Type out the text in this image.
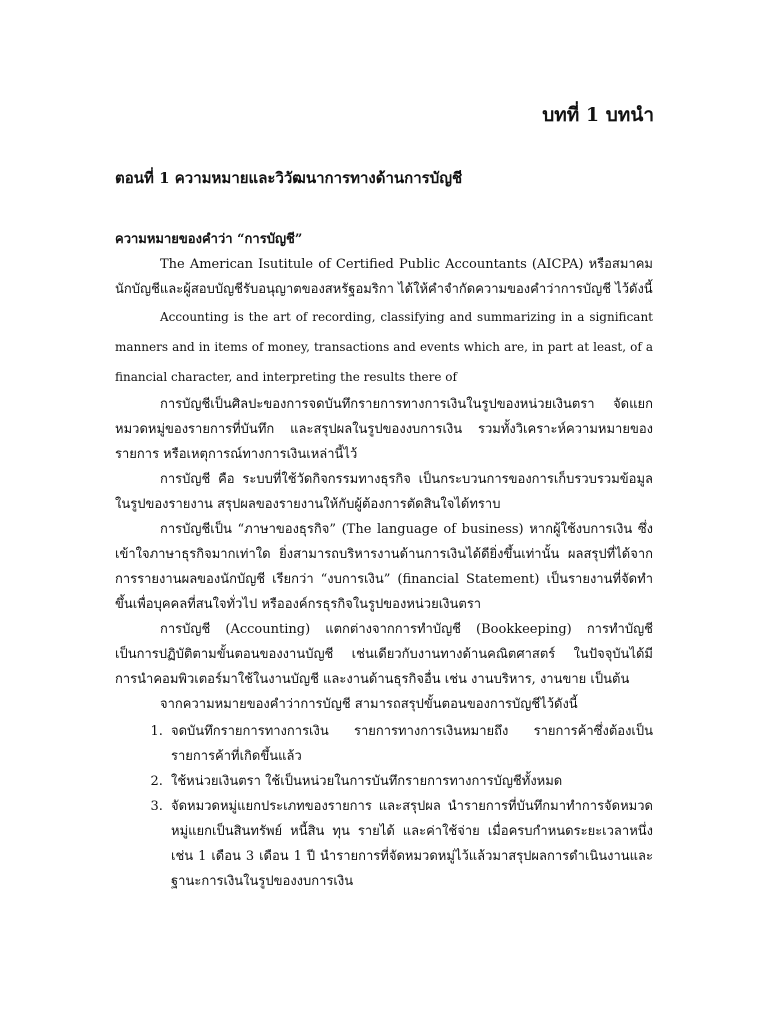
บทที่ 1 บทนำ
ตอนที่ 1 ความหมายและวิวัฒนาการทางด้านการบัญชี
ความหมายของคำว่า “การบัญชี”

The American Isutitule of Certified Public Accountants (AICPA) หรือสมาคมนักบัญชีและผู้สอบบัญชีรับอนุญาตของสหรัฐอมริกา ได้ให้คำจำกัดความของคำว่าการบัญชี ไว้ดังนี้

Accounting is the art of recording, classifying and summarizing in a significant manners and in items of money, transactions and events which are, in part at least, of a financial character, and interpreting the results there of

การบัญชีเป็นศิลปะของการจดบันทึกรายการทางการเงินในรูปของหน่วยเงินตรา จัดแยกหมวดหมู่ของรายการที่บันทึก และสรุปผลในรูปของงบการเงิน รวมทั้งวิเคราะห์ความหมายของรายการ หรือเหตุการณ์ทางการเงินเหล่านี้ไว้

การบัญชี คือ ระบบที่ใช้วัดกิจกรรมทางธุรกิจ เป็นกระบวนการของการเก็บรวบรวมข้อมูลในรูปของรายงาน สรุปผลของรายงานให้กับผู้ต้องการตัดสินใจได้ทราบ

การบัญชีเป็น “ภาษาของธุรกิจ” (The language of business) หากผู้ใช้งบการเงิน ซึ่งเข้าใจภาษาธุรกิจมากเท่าใด ยิ่งสามารถบริหารงานด้านการเงินได้ดียิ่งขึ้นเท่านั้น ผลสรุปที่ได้จากการรายงานผลของนักบัญชี เรียกว่า “งบการเงิน” (financial Statement) เป็นรายงานที่จัดทำขึ้นเพื่อบุคคลที่สนใจทั่วไป หรือองค์กรธุรกิจในรูปของหน่วยเงินตรา

การบัญชี (Accounting) แตกต่างจากการทำบัญชี (Bookkeeping) การทำบัญชี เป็นการปฏิบัติตามขั้นตอนของงานบัญชี เช่นเดียวกับงานทางด้านคณิตศาสตร์ ในปัจจุบันได้มีการนำคอมพิวเตอร์มาใช้ในงานบัญชี และงานด้านธุรกิจอื่น เช่น งานบริหาร, งานขาย เป็นต้น

จากความหมายของคำว่าการบัญชี สามารถสรุปขั้นตอนของการบัญชีไว้ดังนี้

1. จดบันทึกรายการทางการเงิน รายการทางการเงินหมายถึง รายการค้าซึ่งต้องเป็นรายการค้าที่เกิดขึ้นแล้ว
2. ใช้หน่วยเงินตรา ใช้เป็นหน่วยในการบันทึกรายการทางการบัญชีทั้งหมด
3. จัดหมวดหมู่แยกประเภทของรายการ และสรุปผล นำรายการที่บันทึกมาทำการจัดหมวดหมู่แยกเป็นสินทรัพย์ หนี้สิน ทุน รายได้ และค่าใช้จ่าย เมื่อครบกำหนดระยะเวลาหนึ่ง เช่น 1 เดือน 3 เดือน 1 ปี นำรายการที่จัดหมวดหมู่ไว้แล้วมาสรุปผลการดำเนินงานและฐานะการเงินในรูปของงบการเงิน
